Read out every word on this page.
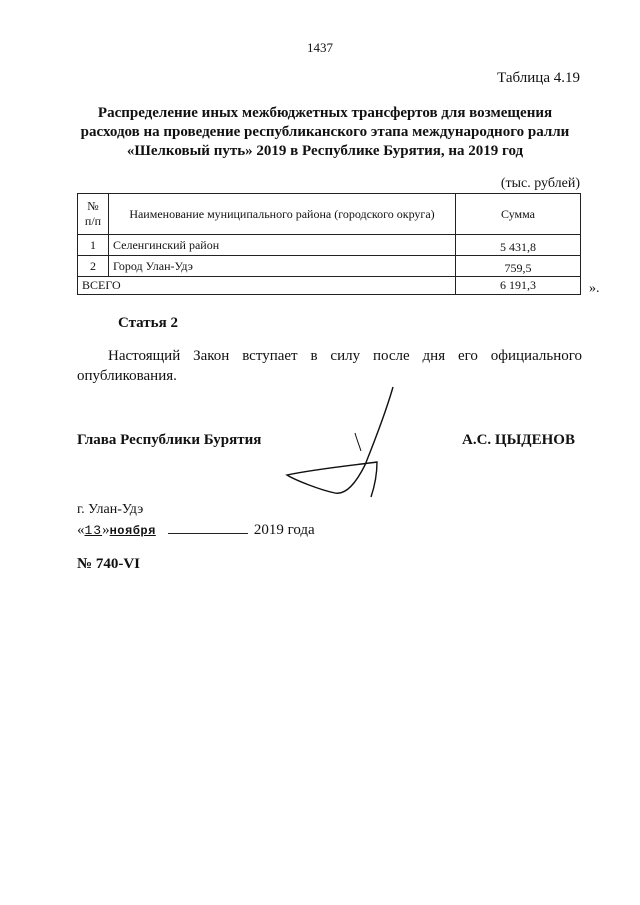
1437
Таблица 4.19
Распределение иных межбюджетных трансфертов для возмещения расходов на проведение республиканского этапа международного ралли «Шелковый путь» 2019 в Республике Бурятия, на 2019 год
(тыс. рублей)
№ п/п	Наименование муниципального района (городского округа)	Сумма
1	Селенгинский район	5 431,8
2	Город Улан-Удэ	759,5
ВСЕГО		6 191,3	».
Статья 2
Настоящий Закон вступает в силу после дня его официального опубликования.
Глава Республики Бурятия	А.С. ЦЫДЕНОВ
г. Улан-Удэ
«13»ноября	2019 года
№ 740-VI
